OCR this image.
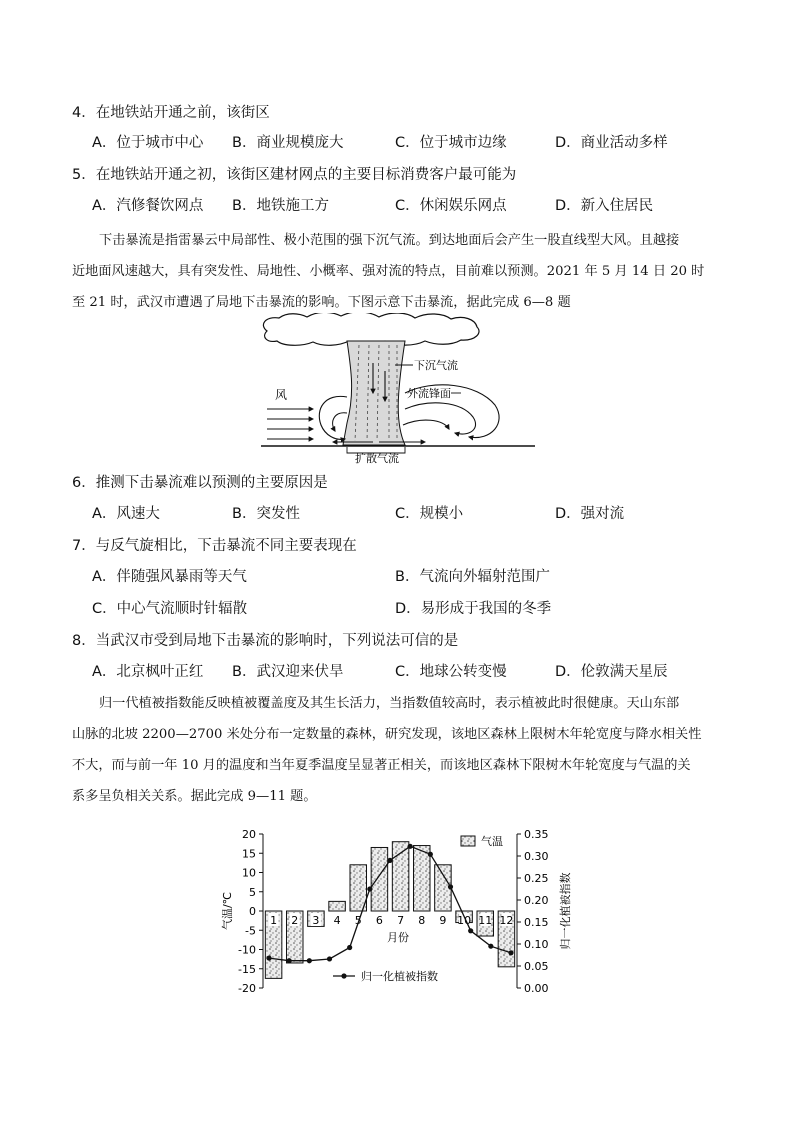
4．在地铁站开通之前，该街区
A．位于城市中心 B．商业规模庞大	C．位于城市边缘	D．商业活动多样
5．在地铁站开通之初，该街区建材网点的主要目标消费客户最可能为
A．汽修餐饮网点 B．地铁施工方	C．休闲娱乐网点	D．新入住居民
下击暴流是指雷暴云中局部性、极小范围的强下沉气流。到达地面后会产生一股直线型大风。且越接
近地面风速越大，具有突发性、局地性、小概率、强对流的特点，目前难以预测。2021 年 5 月 14 日 20 时
至 21 时，武汉市遭遇了局地下击暴流的影响。下图示意下击暴流，据此完成 6—8 题
下沉气流
外流锋面
风
扩散气流
6．推测下击暴流难以预测的主要原因是
A．风速大	B．突发性	C．规模小	D．强对流
7．与反气旋相比，下击暴流不同主要表现在
A．伴随强风暴雨等天气	B．气流向外辐射范围广
C．中心气流顺时针辐散	D．易形成于我国的冬季
8．当武汉市受到局地下击暴流的影响时，下列说法可信的是
A．北京枫叶正红 B．武汉迎来伏旱	C．地球公转变慢	D．伦敦满天星辰
归一代植被指数能反映植被覆盖度及其生长活力，当指数值较高时，表示植被此时很健康。天山东部
山脉的北坡 2200—2700 米处分布一定数量的森林，研究发现，该地区森林上限树木年轮宽度与降水相关性
不大，而与前一年 10 月的温度和当年夏季温度呈显著正相关，而该地区森林下限树木年轮宽度与气温的关
系多呈负相关关系。据此完成 9—11 题。
20
15
10
5
0
-5
-10
-15
-20
0.35
0.30
0.25
0.20
0.15
0.10
0.05
0.00
1 2 3 4 5 6 7 8 9 10 11 12
月份
气温/℃	归一化植被指数
气温
归一化植被指数
